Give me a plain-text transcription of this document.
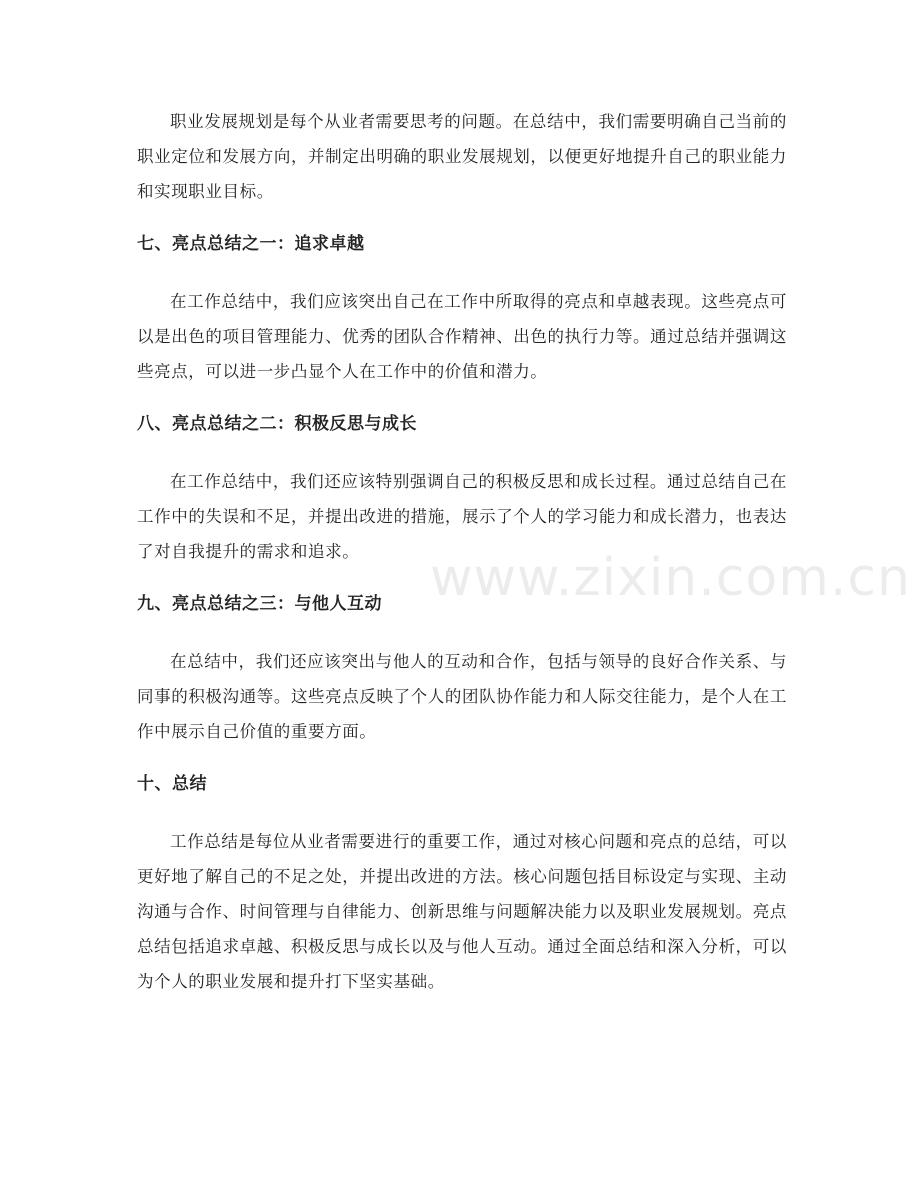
职业发展规划是每个从业者需要思考的问题。在总结中，我们需要明确自己当前的职业定位和发展方向，并制定出明确的职业发展规划，以便更好地提升自己的职业能力和实现职业目标。

七、亮点总结之一：追求卓越

在工作总结中，我们应该突出自己在工作中所取得的亮点和卓越表现。这些亮点可以是出色的项目管理能力、优秀的团队合作精神、出色的执行力等。通过总结并强调这些亮点，可以进一步凸显个人在工作中的价值和潜力。

八、亮点总结之二：积极反思与成长

在工作总结中，我们还应该特别强调自己的积极反思和成长过程。通过总结自己在工作中的失误和不足，并提出改进的措施，展示了个人的学习能力和成长潜力，也表达了对自我提升的需求和追求。

九、亮点总结之三：与他人互动

在总结中，我们还应该突出与他人的互动和合作，包括与领导的良好合作关系、与同事的积极沟通等。这些亮点反映了个人的团队协作能力和人际交往能力，是个人在工作中展示自己价值的重要方面。

十、总结

工作总结是每位从业者需要进行的重要工作，通过对核心问题和亮点的总结，可以更好地了解自己的不足之处，并提出改进的方法。核心问题包括目标设定与实现、主动沟通与合作、时间管理与自律能力、创新思维与问题解决能力以及职业发展规划。亮点总结包括追求卓越、积极反思与成长以及与他人互动。通过全面总结和深入分析，可以为个人的职业发展和提升打下坚实基础。

www.zixin.com.cn
